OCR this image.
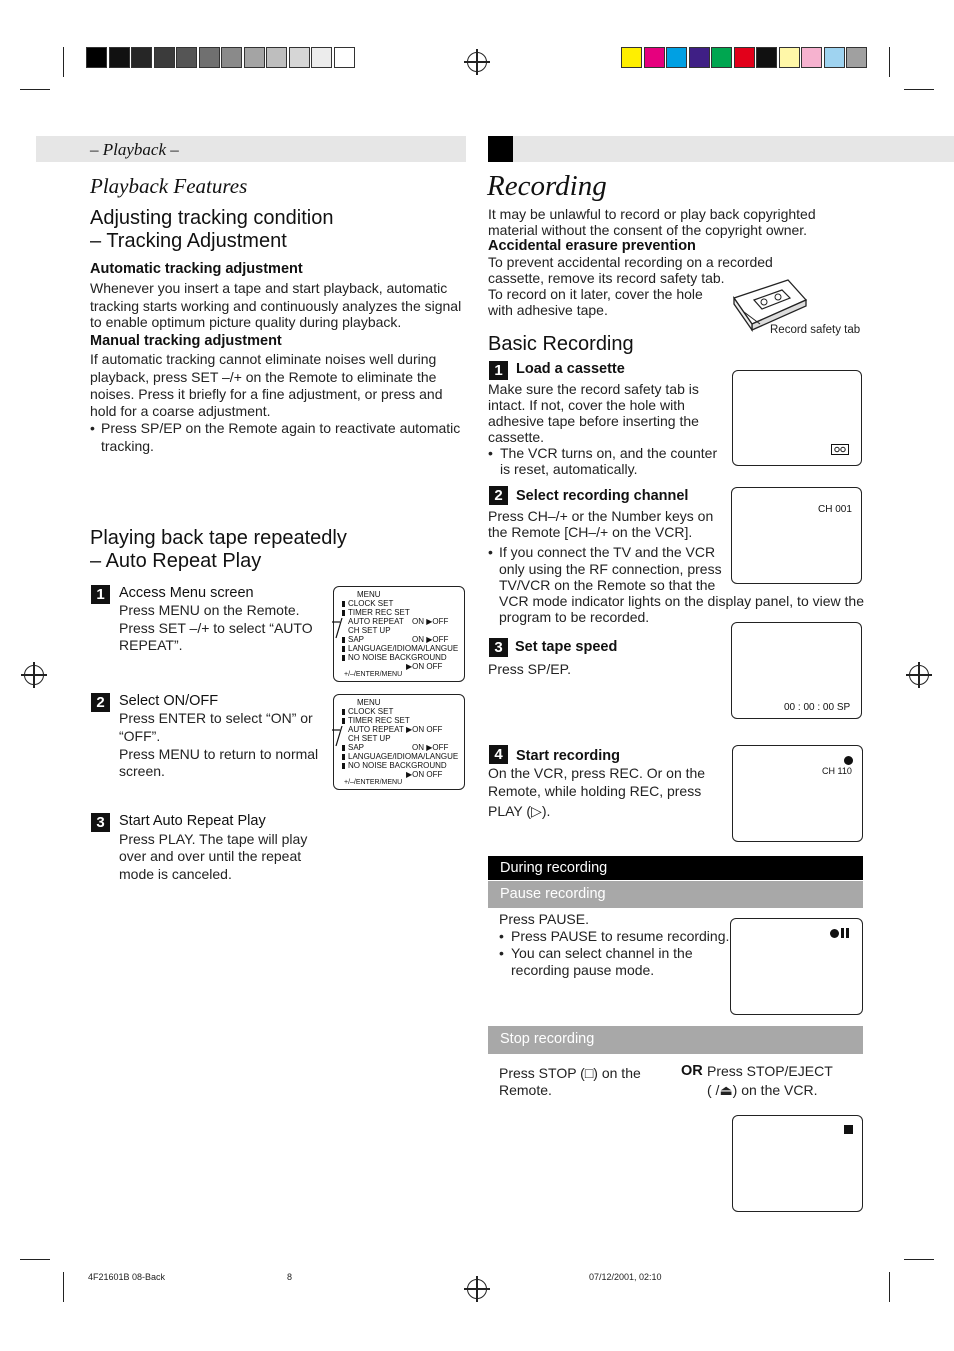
– Playback –
Playback Features
Adjusting tracking condition
– Tracking Adjustment
Automatic tracking adjustment
Whenever you insert a tape and start playback, automatic
tracking starts working and continuously analyzes the signal
to enable optimum picture quality during playback.
Manual tracking adjustment
If automatic tracking cannot eliminate noises well during
playback, press SET –/+ on the Remote to eliminate the
noises. Press it briefly for a fine adjustment, or press and
hold for a coarse adjustment.
• Press SP/EP on the Remote again to reactivate automatic
tracking.
Playing back tape repeatedly
– Auto Repeat Play
1 Access Menu screen
Press MENU on the Remote.
Press SET –/+ to select “AUTO
REPEAT”.
MENU
CLOCK SET
TIMER REC SET
AUTO REPEAT ON ▶OFF
CH SET UP
SAP	ON ▶OFF
LANGUAGE/IDIOMA/LANGUE
NO NOISE BACKGROUND
▶ON OFF
+/–/ENTER/MENU
2 Select ON/OFF
Press ENTER to select “ON” or
“OFF”.
Press MENU to return to normal
screen.
MENU
CLOCK SET
TIMER REC SET
AUTO REPEAT ▶ON OFF
CH SET UP
SAP	ON ▶OFF
LANGUAGE/IDIOMA/LANGUE
NO NOISE BACKGROUND
▶ON OFF
+/–/ENTER/MENU
3 Start Auto Repeat Play
Press PLAY. The tape will play
over and over until the repeat
mode is canceled.
Recording
It may be unlawful to record or play back copyrighted
material without the consent of the copyright owner.
Accidental erasure prevention
To prevent accidental recording on a recorded
cassette, remove its record safety tab.
To record on it later, cover the hole
with adhesive tape.
Record safety tab
Basic Recording
1 Load a cassette
Make sure the record safety tab is
intact. If not, cover the hole with
adhesive tape before inserting the
cassette.
• The VCR turns on, and the counter
is reset, automatically.
2 Select recording channel
Press CH–/+ or the Number keys on
the Remote [CH–/+ on the VCR].
• If you connect the TV and the VCR
only using the RF connection, press
TV/VCR on the Remote so that the
VCR mode indicator lights on the display panel, to view the
program to be recorded.
CH 001
3 Set tape speed
Press SP/EP.
00 : 00 : 00 SP
4 Start recording
On the VCR, press REC. Or on the
Remote, while holding REC, press
PLAY (▷).
CH 110
During recording
Pause recording
Press PAUSE.
• Press PAUSE to resume recording.
• You can select channel in the
recording pause mode.
Stop recording
Press STOP (□) on the
Remote.
OR Press STOP/EJECT
( /⏏) on the VCR.
4F21601B 08-Back	8	07/12/2001, 02:10
